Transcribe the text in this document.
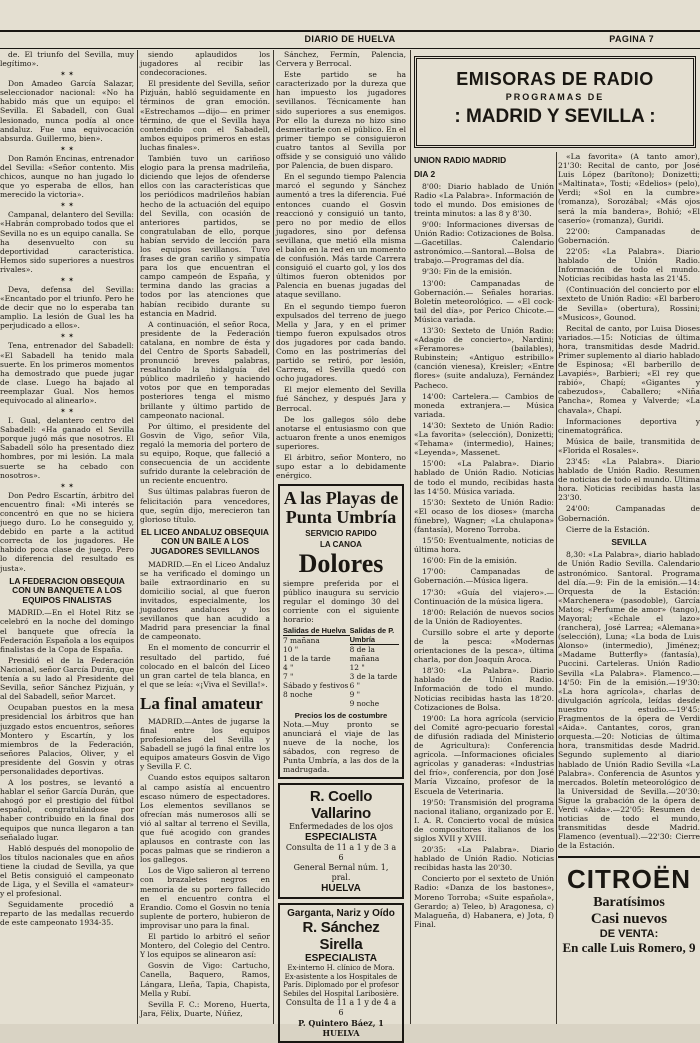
DIARIO DE HUELVA	PAGINA 7

de. El triunfo del Sevilla, muy legítimo».

✶ ✶

Don Amadeo García Salazar, seleccionador nacional: «No ha habido más que un equipo: el Sevilla. El Sabadell, con Gual lesionado, nunca podía al once andaluz. Fue una equivocación absurda. Guillermo, bien».

✶ ✶

Don Ramón Encinas, entrenador del Sevilla: «Señor contento. Mis chicos, aunque no han jugado lo que yo esperaba de ellos, han merecido la victoria».

✶ ✶

Campanal, delantero del Sevilla: «Habrán comprobado todos que el Sevilla no es un equipo canalla. Se ha desenvuelto con su deportividad característica. Hemos sido superiores a nuestros rivales».

✶ ✶

Deva, defensa del Sevilla: «Encantado por el triunfo. Pero he de decir que no lo esperaba tan amplio. La lesión de Gual les ha perjudicado a ellos».

✶ ✶

Tena, entrenador del Sabadell: «El Sabadell ha tenido mala suerte. En los primeros momentos ha demostrado que puede jugar de clase. Luego ha bajado al reemplazar Gual. Nos hemos equivocado al alinearlo».

✶ ✶

I. Gual, delantero centro del Sabadell: «Ha ganado el Sevilla porque jugó más que nosotros. El Sabadell sólo ha presentado diez hombres, por mi lesión. La mala suerte se ha cebado con nosotros».

✶ ✶

Don Pedro Escartín, árbitro del encuentro final: «Mi interés se concentró en que no se hiciera juego duro. Lo he conseguido y, debido en parte a la actitud correcta de los jugadores. He habido poca clase de juego. Pero lo diferencia del resultado es justa».

LA FEDERACION OBSEQUIA CON UN BANQUETE A LOS EQUIPOS FINALISTAS

MADRID.—En el Hotel Ritz se celebró en la noche del domingo el banquete que ofrecía la Federación Española a los equipos finalistas de la Copa de España.

Presidió el de la Federación Nacional, señor García Durán, que tenía a su lado al Presidente del Sevilla, señor Sánchez Pizjuán, y al del Sabadell, señor Marcet.

Ocupaban puestos en la mesa presidencial los árbitros que han juzgado estos encuentros, señores Montero y Escartín, y los miembros de la Federación, señores Palacios, Oliver, y el presidente del Gosvin y otras personalidades deportivas.

A los postres, se levantó a hablar el señor García Durán, que ahogó por el prestigio del fútbol español, congratulándose por haber contribuido en la final dos equipos que nunca llegaron a tan señalado lugar.

Habló después del monopolio de los títulos nacionales que en años tiene la ciudad de Sevilla, ya que el Betis consiguió el campeonato de Liga, y el Sevilla el «amateur» y el profesional.

Seguidamente procedió a reparto de las medallas recuerdo de este campeonato 1934-35.

siendo aplaudidos los jugadores al recibir las condecoraciones.

El presidente del Sevilla, señor Pizjuán, habló seguidamente en términos de gran emoción. «Estrechamos —dijo— en primer término, de que el Sevilla haya contendido con el Sabadell, ambos equipos primeros en estas luchas finales».

También tuvo un cariñoso elogio para la prensa madrileña, diciendo que lejos de ofenderse ellos con las características que los periódicos madrileños habían hecho de la actuación del equipo del Sevilla, con ocasión de anteriores partidos, se congratulaban de ello, porque habían servido de lección para los equipos sevillanos. Tuvo frases de gran cariño y simpatía para los que encuentran el campo campeón de España, y termina dando las gracias a todos por las atenciones que habían recibido durante su estancia en Madrid.

A continuación, el señor Roca, presidente de la Federación catalana, en nombre de ésta y del Centro de Sports Sabadell, pronunció breves palabras, resaltando la hidalguía del público madrileño y haciendo votos por que en temporadas posteriores tenga el mismo brillante y último partido de campeonato nacional.

Por último, el presidente del Gosvin de Vigo, señor Vila, regaló la memoria del portero de su equipo, Roque, que falleció a consecuencia de un accidente sufrido durante la celebración de un reciente encuentro.

Sus últimas palabras fueron de felicitación para vencedores, que, según dijo, merecieron tan glorioso título.

EL LICEO ANDALUZ OBSEQUIA CON UN BAILE A LOS JUGADORES SEVILLANOS

MADRID.—En el Liceo Andaluz se ha verificado el domingo un baile extraordinario en su domicilio social, al que fueron invitados, especialmente, los jugadores andaluces y los sevillanos que han acudido a Madrid para presenciar la final de campeonato.

En el momento de concurrir el resultado del partido, fué colocado en el balcón del Liceo un gran cartel de tela blanca, en el que se leía: «¡Viva el Sevilla!».

La final amateur

MADRID.—Antes de jugarse la final entre los equipos profesionales del Sevilla y Sabadell se jugó la final entre los equipos amateurs Gosvin de Vigo y Sevilla F. C.

Cuando estos equipos saltaron al campo asistía al encuentro escaso número de espectadores. Los elementos sevillanos se ofrecían más numerosos allí se vió al saltar al terreno el Sevilla, que fué acogido con grandes aplausos en contraste con las pocas palmas que se rindieron a los gallegos.

Los de Vigo salieron al terreno con brazaletes negros en memoria de su portero fallecido en el encuentro contra el Erandio. Como el Gosvin no tenía suplente de portero, hubieron de improvisar uno para la final.

El partido lo arbitró el señor Montero, del Colegio del Centro. Y los equipos se alinearon así:

Gosvin de Vigo: Cartucho, Canella, Baquero, Ramos, Lángara, Lleña, Tapia, Chapista, Mella y Rubí.

Sevilla F. C.: Moreno, Huerta, Jara, Félix, Duarte, Núñez,

Sánchez, Fermín, Palencia, Cervera y Berrocal.

Este partido se ha caracterizado por la dureza que han impuesto los jugadores sevillanos. Técnicamente han sido superiores a sus enemigos. Por ello la dureza no hizo sino desmeritarle con el público. En el primer tiempo se consiguieron cuatro tantos al Sevilla por offside y se consiguió uno válido por Palencia, de buen disparo.

En el segundo tiempo Palencia marcó el segundo y Sánchez aumentó a tres la diferencia. Fué entonces cuando el Gosvin reaccionó y consiguió un tanto, pero no por medio de ellos jugadores, sino por defensa sevillana, que metió ella misma el balón en la red en un momento de confusión. Más tarde Carrera consiguió el cuarto gol, y los dos últimos fueron obtenidos por Palencia en buenas jugadas del ataque sevillano.

En el segundo tiempo fueron expulsados del terreno de juego Mella y Jara, y en el primer tiempo fueron expulsados otros dos jugadores por cada bando. Como en las postrimerías del partido se retiró, por lesión, Carrera, el Sevilla quedó con ocho jugadores.

El mejor elemento del Sevilla fué Sánchez, y después Jara y Berrocal.

De los gallegos sólo debe anotarse el entusiasmo con que actuaron frente a unos enemigos superiores.

El árbitro, señor Montero, no supo estar a lo debidamente enérgico.

A las Playas de Punta Umbría
SERVICIO RAPIDO
LA CANOA
Dolores
siempre preferida por el público inaugura su servicio regular el domingo 30 del corriente con el siguiente horario:
Salidas de Huelva
7 mañana
10 "
1 de la tarde
4 "
7 "
Sábado y festivos 8 noche
Salidas de P. Umbría
8 de la mañana
12 "
3 de la tarde
6 "
9 "
9 noche
Precios los de costumbre
Nota.—Muy pronto se anunciará el viaje de las nueve de la noche, los sábados, con regreso de Punta Umbría, a las dos de la madrugada.
R. Coello Vallarino
Enfermedades de los ojos
ESPECIALISTA
Consulta de 11 a 1 y de 3 a 6
General Bernal núm. 1, pral.
HUELVA
Garganta, Nariz y Oído
R. Sánchez Sirella
ESPECIALISTA
Ex-interno H. clínico de Mora. Ex-asistente a los Hospitales de París. Diplomado por el profesor Sebiles del Hospital Laribosière.
Consulta de 11 a 1 y de 4 a 6
P. Quintero Báez, 1 HUELVA
EMISORAS DE RADIO
PROGRAMAS DE
: MADRID Y SEVILLA :
UNION RADIO MADRID
DIA 2

8'00: Diario hablado de Unión Radio «La Palabra». Información de todo el mundo. Dos emisiones de treinta minutos: a las 8 y 8'30.

9'00: Informaciones diversas de Unión Radio: Cotizaciones de Bolsa.—Gacetillas. Calendario astronómico.—Santoral.—Bolsa de trabajo.—Programas del día.

9'30: Fin de la emisión.

13'00: Campanadas de Gobernación.— Señales horarias. Boletín meteorológico. — «El cock-tail del día», por Perico Chicote.—Música variada.

13'30: Sexteto de Unión Radio: «Adagio de concierto», Nardini; «Feramores» (bailables), Rubinstein; «Antiguo estribillo» (canción vienesa), Kreisler; «Entre flores» (suite andaluza), Fernández Pacheco.

14'00: Cartelera.— Cambios de moneda extranjera.— Música variada.

14'30: Sexteto de Unión Radio: «La favorita» (selección), Donizetti; «Tehama» (intermedio), Haines; «Leyenda», Massenet.

15'00: «La Palabra». Diario hablado de Unión Radio. Noticias de todo el mundo, recibidas hasta las 14'50. Música variada.

15'30: Sexteto de Unión Radio: «El ocaso de los dioses» (marcha fúnebre), Wagner; «La chulapona» (fantasía), Moreno Torroba.

15'50: Eventualmente, noticias de última hora.

16'00: Fin de la emisión.

17'00: Campanadas de Gobernación.—Música ligera.

17'30: «Guía del viajero».—Continuación de la música ligera.

18'00: Relación de nuevos socios de la Unión de Radioyentes.

Cursillo sobre el arte y deporte de la pesca: «Modernas orientaciones de la pesca», última charla, por don Joaquín Aroca.

18'30: «La Palabra». Diario hablado de Unión Radio. Información de todo el mundo. Noticias recibidas hasta las 18'20. Cotizaciones de Bolsa.

19'00: La hora agrícola (servicio del Comité agro-pecuario forestal de difusión radiada del Ministerio de Agricultura): Conferencia agrícola. —Informaciones oficiales agrícolas y ganaderas: «Industrias del frío», conferencia, por don José María Vizcaíno, profesor de la Escuela de Veterinaria.

19'50: Transmisión del programa nacional italiano, organizado por E. I. A. R. Concierto vocal de música de compositores italianos de los siglos XVII y XVIII.

20'35: «La Palabra». Diario hablado de Unión Radio. Noticias recibidas hasta las 20'30.

Concierto por el sexteto de Unión Radio: «Danza de los bastones», Moreno Torroba; «Suite española», Gerardo; a) Teleo, b) Aragonesa, c) Malagueña, d) Habanera, e) Jota, f) Final.

«La favorita» (A tanto amor), 21'30: Recital de canto, por José Luis López (barítono); Donizetti; «Maltinata», Tosti; «Edelios» (pelo), Verdi; «Sol en la cumbre» (romanza), Sorozábal; «Más ojos será la mía bandera», Bohió; «El caserío» (romanza), Guridi.

22'00: Campanadas de Gobernación.

22'05: «La Palabra». Diario hablado de Unión Radio. Información de todo el mundo. Noticias recibidas hasta las 21'45.

(Continuación del concierto por el sexteto de Unión Radio: «El barbero de Sevilla» (obertura), Rossini; «Musicos», Gounod.

Recital de canto, por Luisa Dioses variados.—15: Noticias de última hora, transmitidas desde Madrid. Primer suplemento al diario hablado de Espinosa; «El barberillo de Lavapiés», Barbieri; «El rey que rabió», Chapí; «Gigantes y cabezudos», Caballero; «Niña Pancha», Romea y Valverde; «La chavala», Chapí.

Informaciones deportiva y cinematográfica.

Música de baile, transmitida de «Florida el Rosales».

23'45: «La Palabra». Diario hablado de Unión Radio. Resumen de noticias de todo el mundo. Ultima hora. Noticias recibidas hasta las 23'30.

24'00: Campanadas de Gobernación.

Cierre de la Estación.

SEVILLA

8,30: «La Palabra», diario hablado de Unión Radio Sevilla. Calendario astronómico. Santoral. Programa del día.—9: Fin de la emisión.—14: Orquesta de la Estación: «Marchenera» (pasodoble), García Matos; «Perfume de amor» (tango), Mayoral; «Echale el lazo» (ranchera), José Larrea; «Alemana» (selección), Luna; «La boda de Luis Alonso» (intermedio), Jiménez; «Madame Butterfly» (fantasía), Puccini. Carteleras. Unión Radio Sevilla «La Palabra». Flamenco.—14'50: Fin de la emisión.—19'30: «La hora agrícola», charlas de divulgación agrícola, leídas desde nuestro estudio.—19'45: Fragmentos de la ópera de Verdi «Aida». Cantantes, coros, gran orquesta.—20: Noticias de última hora, transmitidas desde Madrid. Segundo suplemento al diario hablado de Unión Radio Sevilla «La Palabra». Conferencia de Asuntos y mercados. Boletín meteorológico de la Universidad de Sevilla.—20'30: Sigue la grabación de la ópera de Verdi «Aida».—22'05: Resumen de noticias de todo el mundo, transmitidas desde Madrid. Flamenco (eventual).—22'30: Cierre de la Estación.

CITROËN
Baratísimos
Casi nuevos
DE VENTA:
En calle Luis Romero, 9
